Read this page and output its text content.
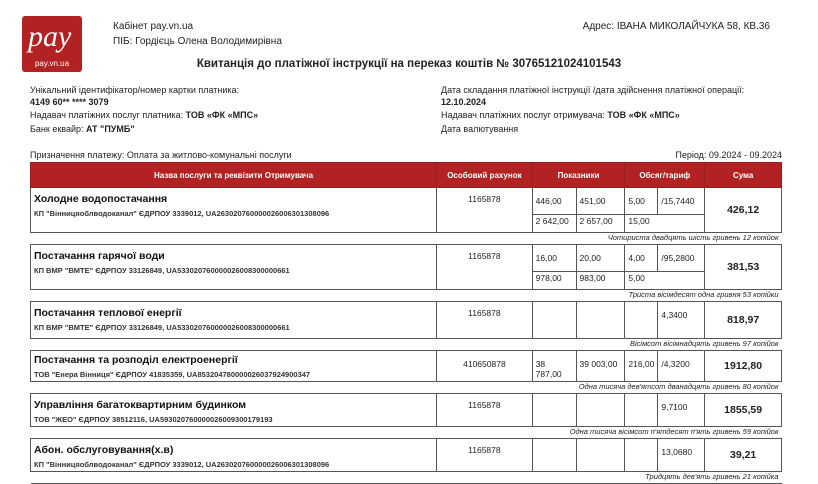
pay
pay.vn.ua
Кабінет pay.vn.ua
ПІБ: Гордієць Олена Володимирівна
Адрес: ІВАНА МИКОЛАЙЧУКА 58, КВ.36
Квитанція до платіжної інструкції на переказ коштів № 30765121024101543
Унікальний ідентифікатор/номер картки платника:
4149 60** **** 3079
Надавач платіжних послуг платника: ТОВ «ФК «МПС»
Банк еквайр: АТ "ПУМБ"
Дата складання платіжної інструкції /дата здійснення платіжної операції:
12.10.2024
Надавач платіжних послуг отримувача: ТОВ «ФК «МПС»
Дата валютування
Призначення платежу: Оплата за житлово-комунальні послуги	Період: 09.2024 - 09.2024
Назва послуги та реквізити Отримувача	Особовий рахунок	Показники		Обсяг/тариф		Сума

Холодне водопостачання
КП "Вінницяоблводоканал" ЄДРПОУ 3339012, UA263020760000026006301308096	1165878	446,00	451,00	5,00	/15,7440	426,12
		2 642,00	2 657,00	15,00		
Чотириста двадцять шість гривень 12 копійок						

Постачання гарячої води
КП ВМР "ВМТЕ" ЄДРПОУ 33126849, UA533020760000026008300000661	1165878	16,00	20,00	4,00	/95,2800	381,53
		978,00	983,00	5,00		
Триста вісімдесят одна гривня 53 копійки						

Постачання теплової енергії
КП ВМР "ВМТЕ" ЄДРПОУ 33126849, UA533020760000026008300000661	1165878				4,3400	818,97
Вісімсот вісімнадцять гривень 97 копійок						

Постачання та розподіл електроенергії
ТОВ "Енера Вінниця" ЄДРПОУ 41835359, UA853204780000026037924900347	410650878	38 787,00	39 003,00	216,00	/4,3200	1912,80
Одна тисяча дев'ятсот дванадцять гривень 80 копійок						

Управління багатоквартирним будинком
ТОВ "ЖЕО" ЄДРПОУ 38512116, UA593020760000026009300179193	1165878				9,7100	1855,59
Одна тисяча вісімсот п'ятдесят п'ять гривень 59 копійок						

Абон. обслуговування(х.в)
КП "Вінницяоблводоканал" ЄДРПОУ 3339012, UA263020760000026006301308096	1165878				13,0680	39,21
Тридцять дев'ять гривень 21 копійка						
